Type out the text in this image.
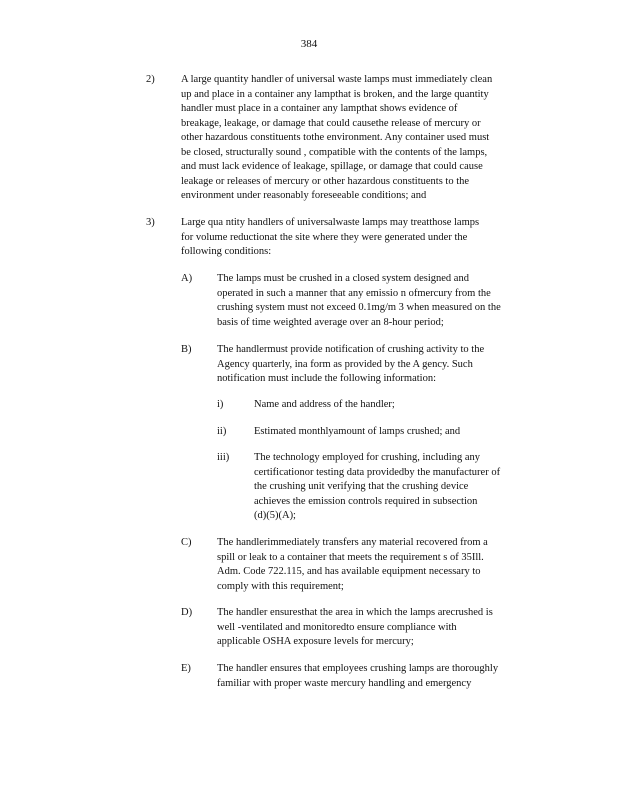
384
2)	A large quantity handler of universal waste lamps must immediately clean
up and place in a container any lampthat is broken, and the large quantity
handler must place in a container any lampthat shows evidence of
breakage, leakage, or damage that could causethe release of mercury or
other hazardous constituents tothe environment. Any container used must
be closed, structurally sound , compatible with the contents of the lamps,
and must lack evidence of leakage, spillage, or damage that could cause
leakage or releases of mercury or other hazardous constituents to the
environment under reasonably foreseeable conditions; and
3)	Large qua ntity handlers of universalwaste lamps may treatthose lamps
for volume reductionat the site where they were generated under the
following conditions:
A) The lamps must be crushed in a closed system designed and
operated in such a manner that any emissio n ofmercury from the
crushing system must not exceed 0.1mg/m 3 when measured on the
basis of time weighted average over an 8-hour period;
B) The handlermust provide notification of crushing activity to the
Agency quarterly, ina form as provided by the A gency. Such
notification must include the following information:
i)	Name and address of the handler;
ii)	Estimated monthlyamount of lamps crushed; and
iii) The technology employed for crushing, including any
certificationor testing data providedby the manufacturer of
the crushing unit verifying that the crushing device
achieves the emission controls required in subsection
(d)(5)(A);
C) The handlerimmediately transfers any material recovered from a
spill or leak to a container that meets the requirement s of 35Ill.
Adm. Code 722.115, and has available equipment necessary to
comply with this requirement;
D) The handler ensuresthat the area in which the lamps arecrushed is
well -ventilated and monitoredto ensure compliance with
applicable OSHA exposure levels for mercury;
E) The handler ensures that employees crushing lamps are thoroughly
familiar with proper waste mercury handling and emergency
